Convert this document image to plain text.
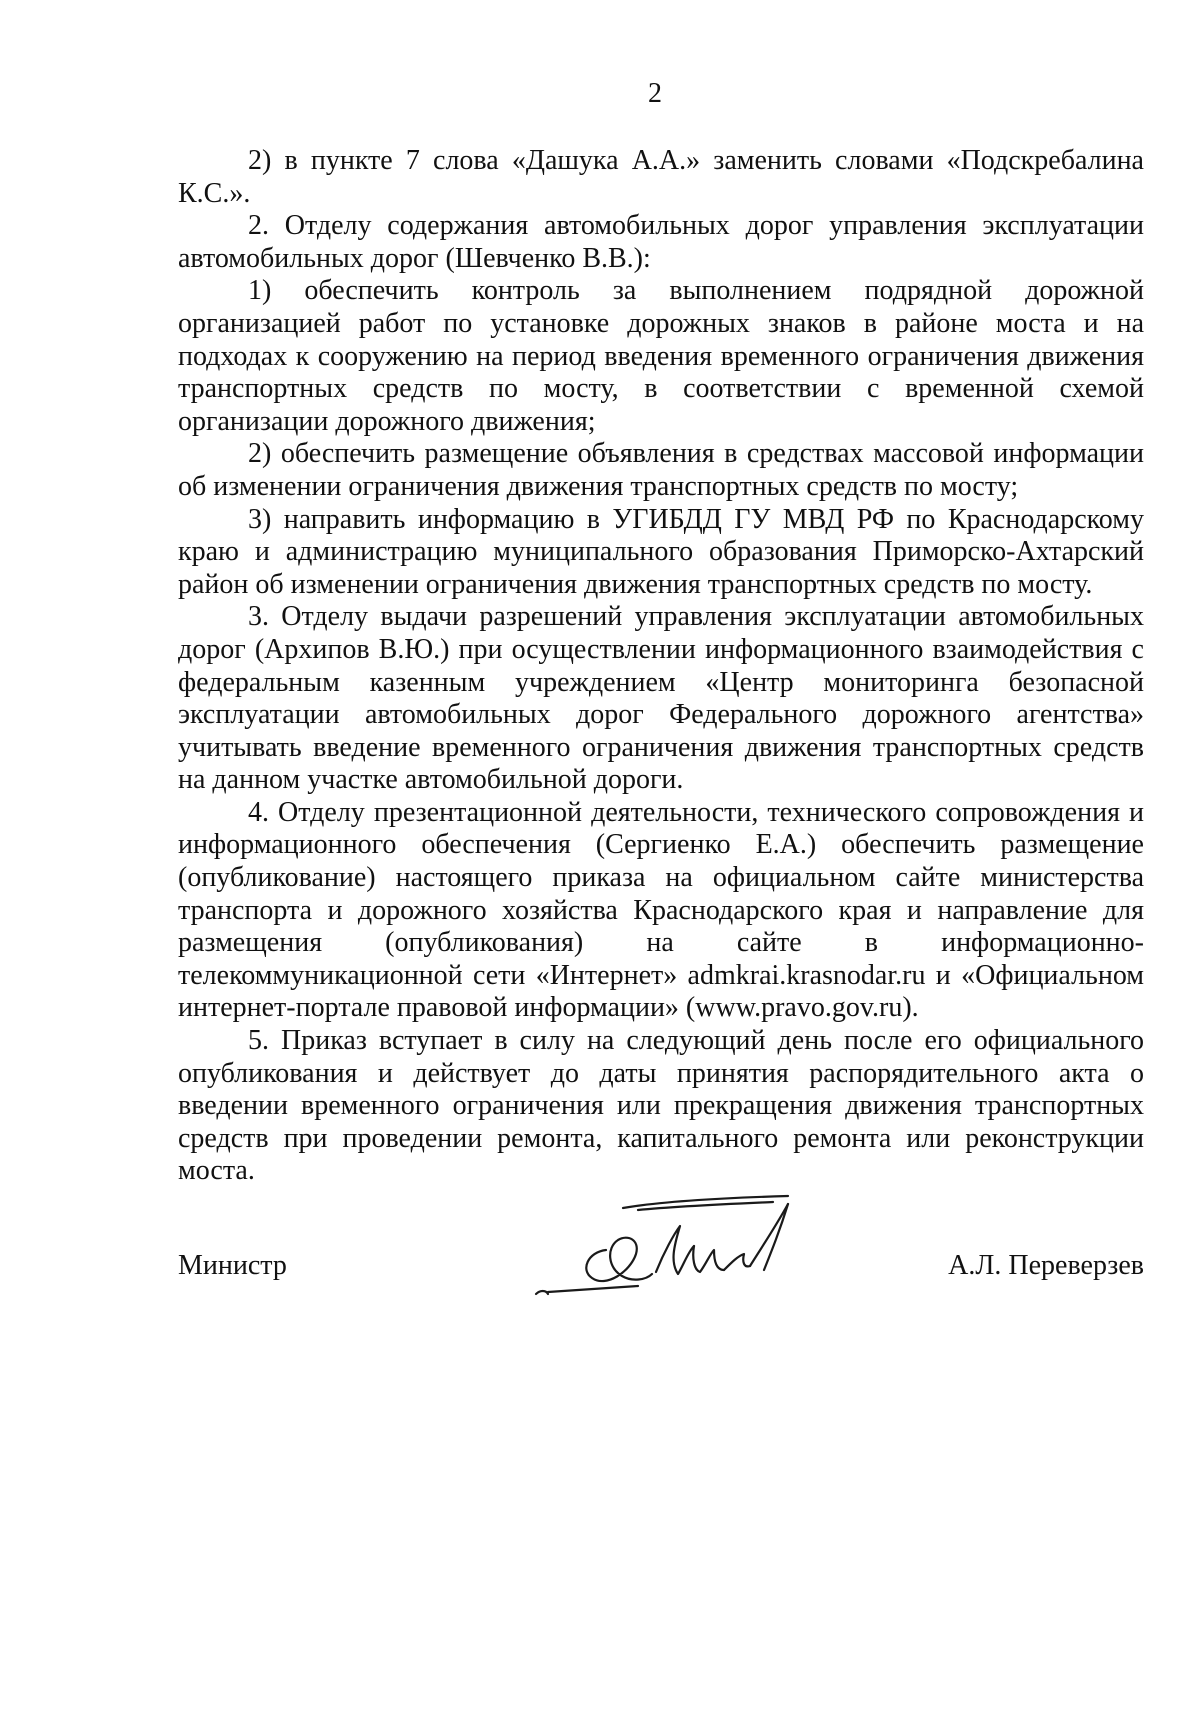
2

2) в пункте 7 слова «Дашука А.А.» заменить словами «Подскребалина К.С.».

2. Отделу содержания автомобильных дорог управления эксплуатации автомобильных дорог (Шевченко В.В.):

1) обеспечить контроль за выполнением подрядной дорожной организацией работ по установке дорожных знаков в районе моста и на подходах к сооружению на период введения временного ограничения движения транспортных средств по мосту, в соответствии с временной схемой организации дорожного движения;

2) обеспечить размещение объявления в средствах массовой информации об изменении ограничения движения транспортных средств по мосту;

3) направить информацию в УГИБДД ГУ МВД РФ по Краснодарскому краю и администрацию муниципального образования Приморско-Ахтарский район об изменении ограничения движения транспортных средств по мосту.

3. Отделу выдачи разрешений управления эксплуатации автомобильных дорог (Архипов В.Ю.) при осуществлении информационного взаимодействия с федеральным казенным учреждением «Центр мониторинга безопасной эксплуатации автомобильных дорог Федерального дорожного агентства» учитывать введение временного ограничения движения транспортных средств на данном участке автомобильной дороги.

4. Отделу презентационной деятельности, технического сопровождения и информационного обеспечения (Сергиенко Е.А.) обеспечить размещение (опубликование) настоящего приказа на официальном сайте министерства транспорта и дорожного хозяйства Краснодарского края и направление для размещения (опубликования) на сайте в информационно-телекоммуникационной сети «Интернет» admkrai.krasnodar.ru и «Официальном интернет-портале правовой информации» (www.pravo.gov.ru).

5. Приказ вступает в силу на следующий день после его официального опубликования и действует до даты принятия распорядительного акта о введении временного ограничения или прекращения движения транспортных средств при проведении ремонта, капитального ремонта или реконструкции моста.

Министр	А.Л. Переверзев
